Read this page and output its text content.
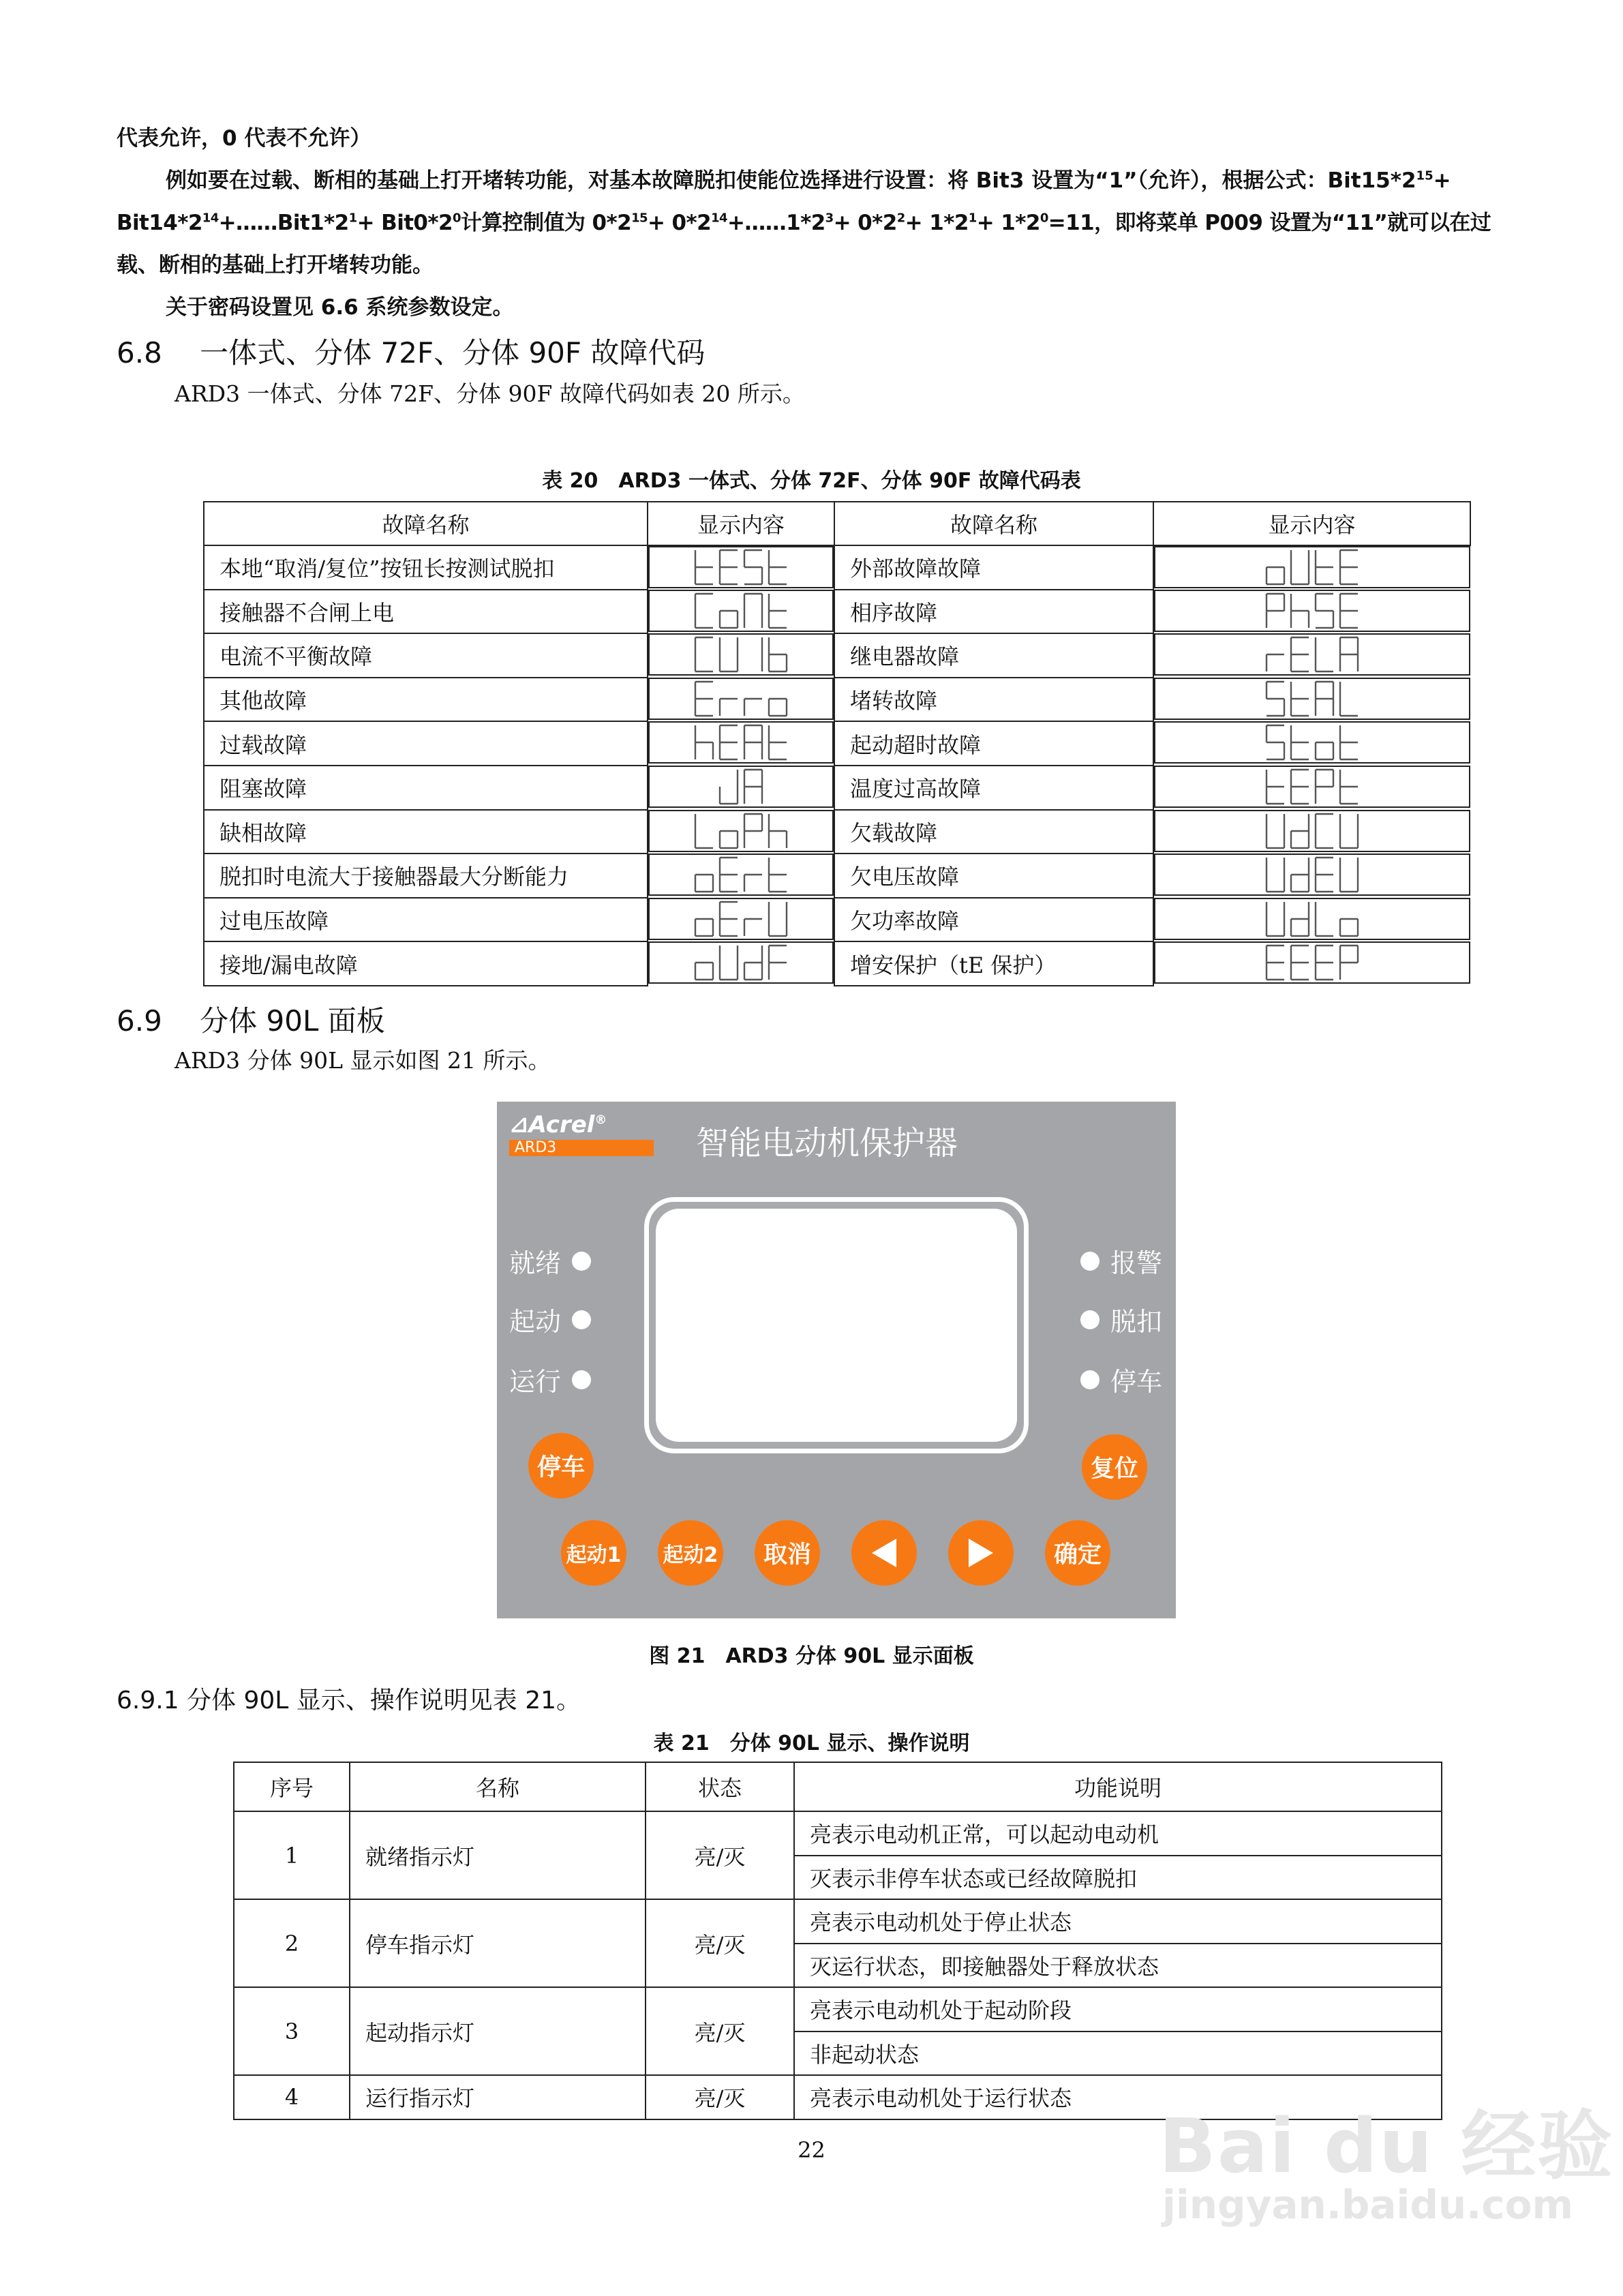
代表允许，0 代表不允许）
例如要在过载、断相的基础上打开堵转功能，对基本故障脱扣使能位选择进行设置：将 Bit3 设置为“1”（允许），根据公式：$Bit15*2^{15}+$
$Bit14*2^{14}+\dots\dots Bit1*2^1+ Bit0*2^0$计算控制值为 $0*2^{15}+$ $0*2^{14}+\dots\dots 1*2^3+ 0*2^2+ 1*2^1+ 1*2^0=11$，即将菜单 P009 设置为“11”就可以在过
载、断相的基础上打开堵转功能。
关于密码设置见 6.6 系统参数设定。
6.8　 一体式、分体 72F、分体 90F 故障代码
ARD3 一体式、分体 72F、分体 90F 故障代码如表 20 所示。
表 20　ARD3 一体式、分体 72F、分体 90F 故障代码表
故障名称	显示内容	故障名称	显示内容
本地“取消/复位”按钮长按测试脱扣	外部故障故障	

接触器不合闸上电	相序故障	

电流不平衡故障	继电器故障	

其他故障	堵转故障	

过载故障	起动超时故障	

阻塞故障	温度过高故障	

缺相故障	欠载故障	

脱扣时电流大于接触器最大分断能力	欠电压故障	

过电压故障	欠功率故障	

接地/漏电故障	增安保护（tE 保护）	
6.9　 分体 90L 面板
ARD3 分体 90L 显示如图 21 所示。
⊿Acrel®
ARD3	智能电动机保护器
就绪
起动
运行
报警
脱扣
停车
停车	复位
起动1 起动2	取消	确定
图 21　ARD3 分体 90L 显示面板
6.9.1 分体 90L 显示、操作说明见表 21。
表 21　分体 90L 显示、操作说明
序号	名称	状态	功能说明
1	就绪指示灯	亮/灭	亮表示电动机正常，可以起动电动机
			灭表示非停车状态或已经故障脱扣
2	停车指示灯	亮/灭	亮表示电动机处于停止状态
			灭运行状态，即接触器处于释放状态
3	起动指示灯	亮/灭	亮表示电动机处于起动阶段
			非起动状态
4	运行指示灯	亮/灭	亮表示电动机处于运行状态
22	Bai du 经验
jingyan.baidu.com
